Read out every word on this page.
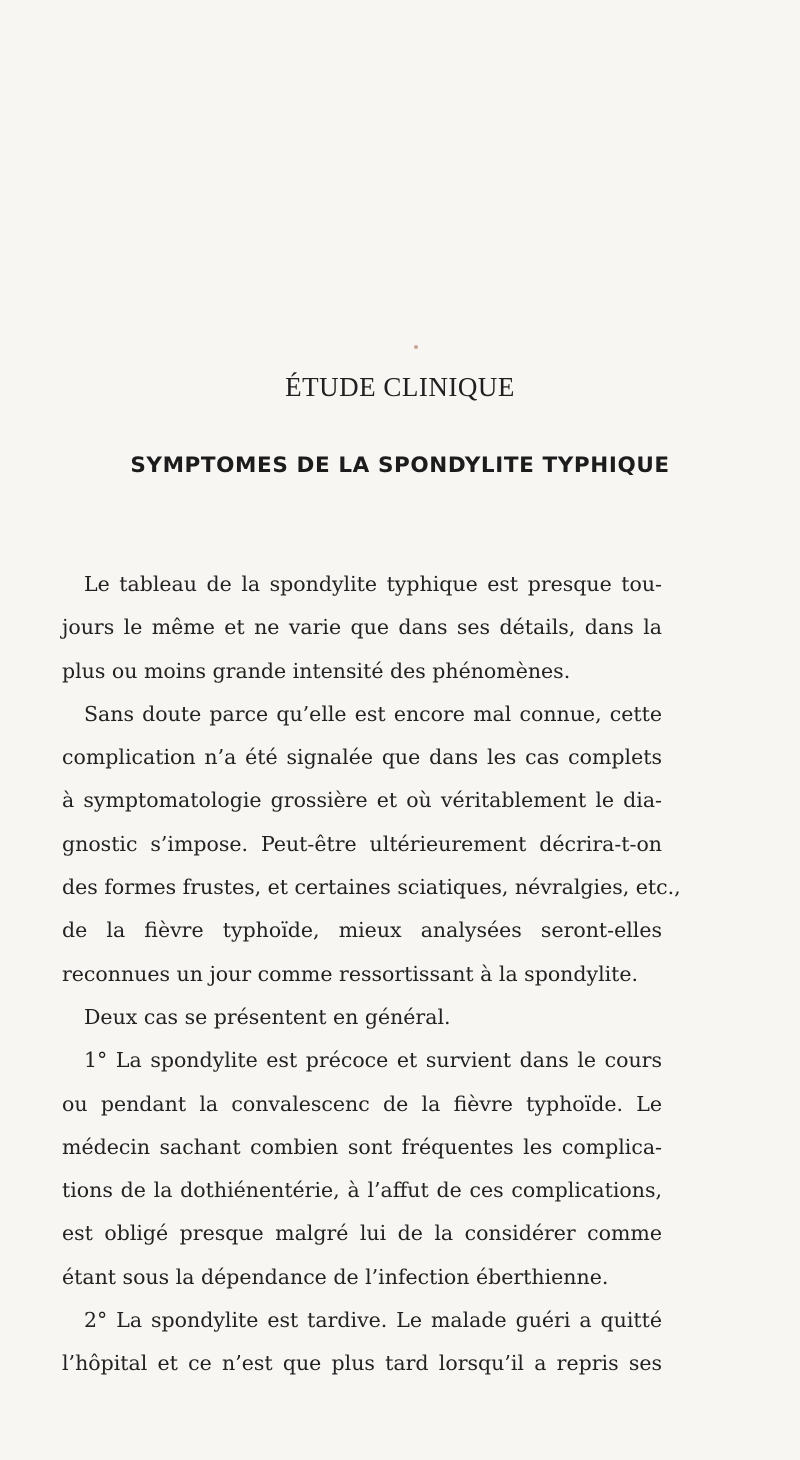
ÉTUDE CLINIQUE
SYMPTOMES DE LA SPONDYLITE TYPHIQUE
Le tableau de la spondylite typhique est presque tou-
jours le même et ne varie que dans ses détails, dans la
plus ou moins grande intensité des phénomènes.
Sans doute parce qu’elle est encore mal connue, cette
complication n’a été signalée que dans les cas complets
à symptomatologie grossière et où véritablement le dia-
gnostic s’impose. Peut-être ultérieurement décrira-t-on
des formes frustes, et certaines sciatiques, névralgies, etc.,
de la fièvre typhoïde, mieux analysées seront-elles
reconnues un jour comme ressortissant à la spondylite.
Deux cas se présentent en général.
1° La spondylite est précoce et survient dans le cours
ou pendant la convalescenc de la fièvre typhoïde. Le
médecin sachant combien sont fréquentes les complica-
tions de la dothiénentérie, à l’affut de ces complications,
est obligé presque malgré lui de la considérer comme
étant sous la dépendance de l’infection éberthienne.
2° La spondylite est tardive. Le malade guéri a quitté
l’hôpital et ce n’est que plus tard lorsqu’il a repris ses
